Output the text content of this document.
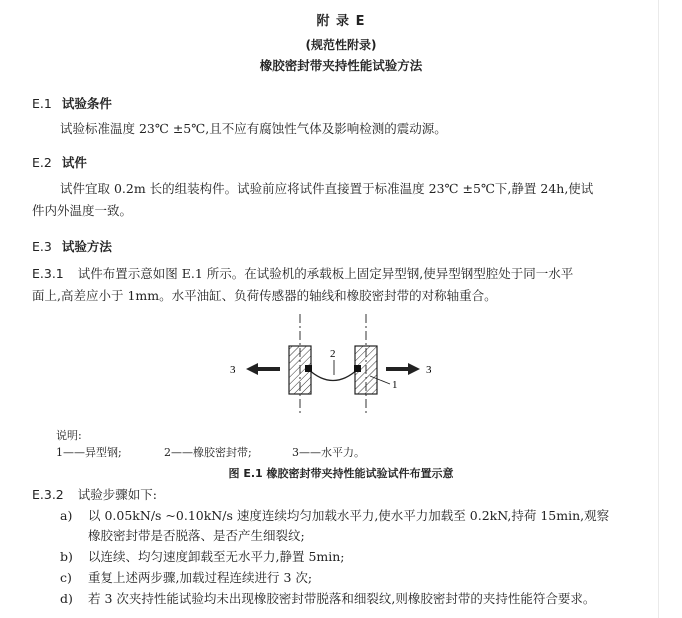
附 录 E
(规范性附录)
橡胶密封带夹持性能试验方法
E.1 试验条件
试验标准温度 23℃ ±5℃,且不应有腐蚀性气体及影响检测的震动源。
E.2 试件
试件宜取 0.2m 长的组装构件。试验前应将试件直接置于标准温度 23℃ ±5℃下,静置 24h,使试
件内外温度一致。
E.3 试验方法
E.3.1 试件布置示意如图 E.1 所示。在试验机的承载板上固定异型钢,使异型钢型腔处于同一水平
面上,高差应小于 1mm。水平油缸、负荷传感器的轴线和橡胶密封带的对称轴重合。
3	3
2
1
说明:
1——异型钢;	2——橡胶密封带;	3——水平力。
图 E.1 橡胶密封带夹持性能试验试件布置示意
E.3.2 试验步骤如下:
a) 以 0.05kN/s ~0.10kN/s 速度连续均匀加载水平力,使水平力加载至 0.2kN,持荷 15min,观察
橡胶密封带是否脱落、是否产生细裂纹;
b) 以连续、均匀速度卸载至无水平力,静置 5min;
c) 重复上述两步骤,加载过程连续进行 3 次;
d) 若 3 次夹持性能试验均未出现橡胶密封带脱落和细裂纹,则橡胶密封带的夹持性能符合要求。
